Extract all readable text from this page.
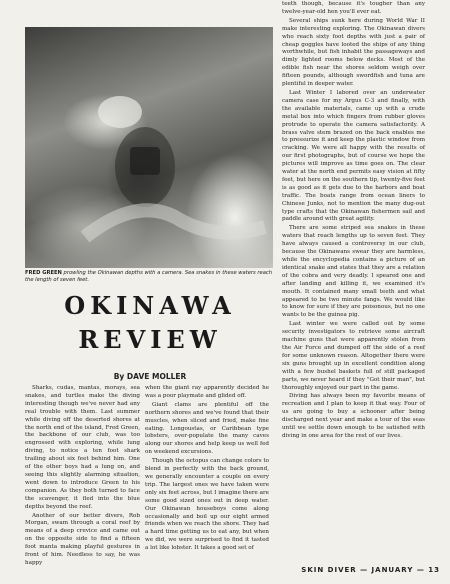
FRED GREEN prowling the Okinawan depths with a camera. Sea snakes in these waters reach the length of seven feet.
OKINAWA
REVIEW
By DAVE MOLLER

Sharks, cudas, mantas, morays, sea snakes, and turtles make the diving interesting though we've never had any real trouble with them. Last summer while diving off the deserted shores at the north end of the island, Fred Green, the backbone of our club, was too engrossed with exploring, while lung diving, to notice a ten foot shark trailing about six feet behind him. One of the other boys had a lung on, and seeing this slightly alarming situation, went down to introduce Green to his companion. As they both turned to face the scavenger, it fled into the blue depths beyond the reef.

Another of our better divers, Rob Morgan, swam through a coral reef by means of a deep crevice and came out on the opposite side to find a fifteen foot manta making playful gestures in front of him. Needless to say, he was happy

when the giant ray apparently decided he was a poor playmate and glided off.

Giant clams are plentiful off the northern shores and we've found that their muscles, when sliced and fried, make fine eating. Longoustas, or Caribbean type lobsters, over-populate the many caves along our shores and help keep us well fed on weekend excursions.

Though the octopus can change colors to blend in perfectly with the back ground, we generally encounter a couple on every trip. The largest ones we have taken were only six feet across, but I imagine there are some good sized ones out in deep water. Our Okinawan houseboys come along occasionally and boil up our eight armed friends when we reach the shore. They had a hard time getting us to eat any, but when we did, we were surprised to find it tasted a lot like lobster. It takes a good set of

teeth though, because it's tougher than any twelve-year-old hen you'll ever eat.

Several ships sunk here during World War II make interesting exploring. The Okinawan divers who reach sixty foot depths with just a pair of cheap goggles have looted the ships of any thing worthwhile, but fish inhabit the passageways and dimly lighted rooms below decks. Most of the edible fish near the shores seldom weigh over fifteen pounds, although swordfish and tuna are plentiful in deeper water.

Last Winter I labored over an underwater camera case for my Argus C-3 and finally, with the available materials, came up with a crude metal box into which fingers from rubber gloves protrude to operate the camera satisfactorily. A brass valve stem brazed on the back enables me to pressurize it and keep the plastic window from cracking. We were all happy with the results of our first photographs, but of course we hope the pictures will improve as time goes on. The clear water at the north end permits easy vision at fifty feet, but here on the southern tip, twenty-five feet is as good as it gets due to the harbors and boat traffic. The boats range from ocean liners to Chinese Junks, not to mention the many dug-out type crafts that the Okinawan fishermen sail and paddle around with great agility.

There are some striped sea snakes in these waters that reach lengths up to seven feet. They have always caused a controversy in our club, because the Okinawans swear they are harmless, while the encyclopedia contains a picture of an identical snake and states that they are a relation of the cobra and very deadly. I speared one and after landing and killing it, we examined it's mouth. It contained many small teeth and what appeared to be two minute fangs. We would like to know for sure if they are poisonous, but no one wants to be the guinea pig.

Last winter we were called out by some security investigators to retrieve some aircraft machine guns that were apparently stolen from the Air Force and dumped off the side of a reef for some unknown reason. Altogether there were six guns brought up in excellent condition along with a few bushel baskets full of still packaged parts, we never heard if they "Got their man", but thoroughly enjoyed our part in the game.

Diving has always been my favorite means of recreation and I plan to keep it that way. Four of us are going to buy a schooner after being discharged next year and make a tour of the seas until we settle down enough to be satisfied with diving in one area for the rest of our lives.

SKIN DIVER — JANUARY — 13
